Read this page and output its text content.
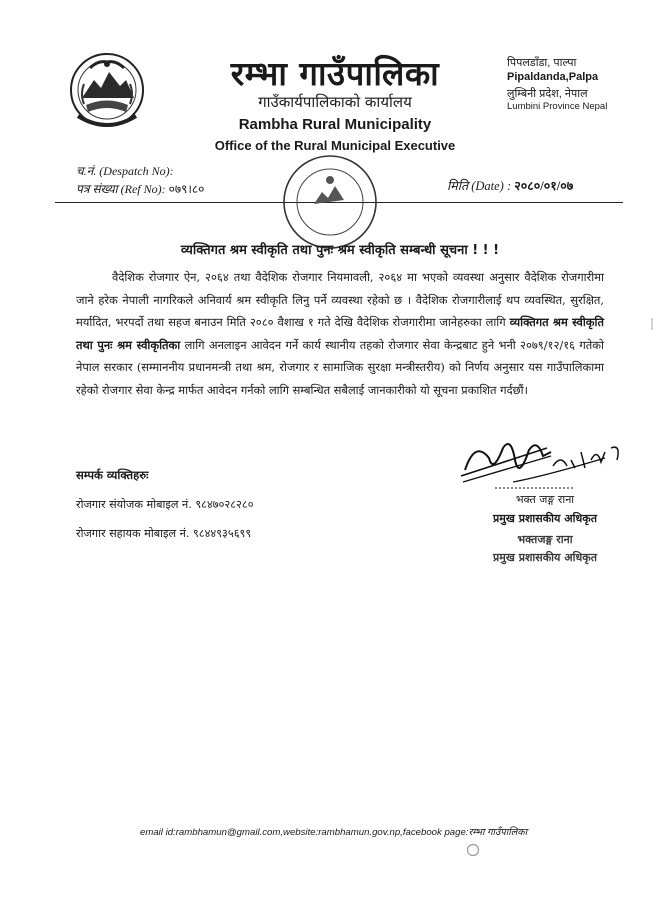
रम्भा गाउँपालिका
गाउँकार्यपालिकाको कार्यालय
Rambha Rural Municipality
Office of the Rural Municipal Executive
पिपलडाँडा, पाल्पा
Pipaldanda,Palpa
लुम्बिनी प्रदेश, नेपाल
Lumbini Province Nepal
च.नं. (Despatch No):
पत्र संख्या (Ref No): ०७९।८०	मिति (Date) : २०८०/०१/०७
व्यक्तिगत श्रम स्वीकृति तथा पुनः श्रम स्वीकृति सम्बन्धी सूचना ! ! !
वैदेशिक रोजगार ऐन, २०६४ तथा वैदेशिक रोजगार नियमावली, २०६४ मा भएको व्यवस्था अनुसार वैदेशिक रोजगारीमा जाने हरेक नेपाली नागरिकले अनिवार्य श्रम स्वीकृति लिनु पर्ने व्यवस्था रहेको छ । वैदेशिक रोजगारीलाई थप व्यवस्थित, सुरक्षित, मर्यादित, भरपर्दो तथा सहज बनाउन मिति २०८० वैशाख १ गते देखि वैदेशिक रोजगारीमा जानेहरुका लागि व्यक्तिगत श्रम स्वीकृति तथा पुनः श्रम स्वीकृतिका लागि अनलाइन आवेदन गर्ने कार्य स्थानीय तहको रोजगार सेवा केन्द्रबाट हुने भनी २०७९/१२/१६ गतेको नेपाल सरकार (सम्माननीय प्रधानमन्त्री तथा श्रम, रोजगार र सामाजिक सुरक्षा मन्त्रीस्तरीय) को निर्णय अनुसार यस गाउँपालिकामा रहेको रोजगार सेवा केन्द्र मार्फत आवेदन गर्नको लागि सम्बन्धित सबैलाई जानकारीको यो सूचना प्रकाशित गर्दछौं।
सम्पर्क व्यक्तिहरुः
रोजगार संयोजक मोबाइल नं. ९८४७०२८२८०
रोजगार सहायक मोबाइल नं. ९८४४९३५६९९
भक्त जङ्ग राना
प्रमुख प्रशासकीय अधिकृत
भक्तजङ्ग राना
प्रमुख प्रशासकीय अधिकृत
email id:rambhamun@gmail.com,website:rambhamun.gov.np,facebook page:रम्भा गाउँपालिका
